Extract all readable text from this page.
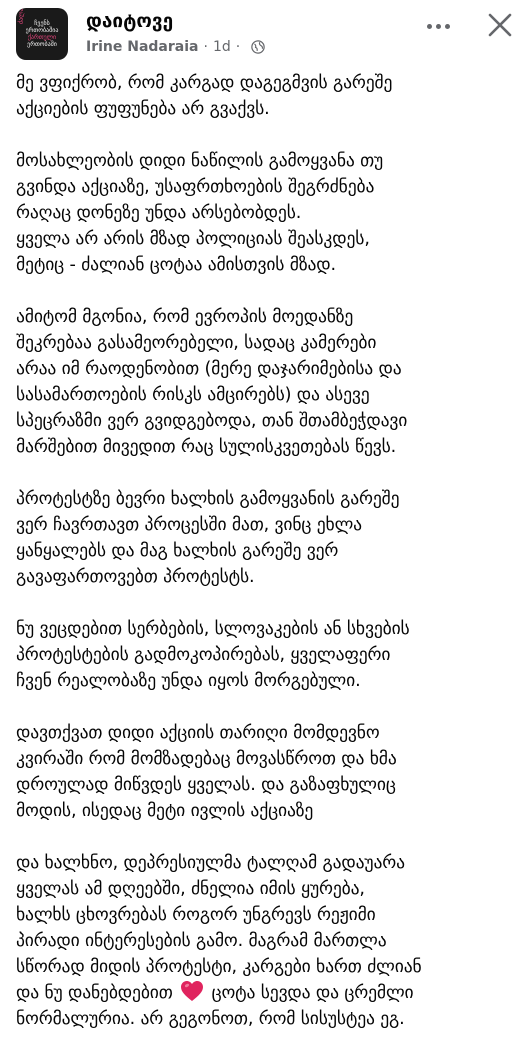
ძალა ჩვენს
ერთობაშია
ქართული
ერთობაში
დაიტოვე
Irine Nadaraia · 1d ·
მე ვფიქრობ, რომ კარგად დაგეგმვის გარეშე
აქციების ფუფუნება არ გვაქვს.
მოსახლეობის დიდი ნაწილის გამოყვანა თუ
გვინდა აქციაზე, უსაფრთხოების შეგრძნება
რაღაც დონეზე უნდა არსებობდეს.
ყველა არ არის მზად პოლიციას შეასკდეს,
მეტიც - ძალიან ცოტაა ამისთვის მზად.
ამიტომ მგონია, რომ ევროპის მოედანზე
შეკრებაა გასამეორებელი, სადაც კამერები
არაა იმ რაოდენობით (მერე დაჯარიმებისა და
სასამართოების რისკს ამცირებს) და ასევე
სპეცრაზმი ვერ გვიდგებოდა, თან შთამბეჭდავი
მარშებით მივედით რაც სულისკვეთებას წევს.
პროტესტზე ბევრი ხალხის გამოყვანის გარეშე
ვერ ჩავრთავთ პროცესში მათ, ვინც ეხლა
ყანყალებს და მაგ ხალხის გარეშე ვერ
გავაფართოვებთ პროტესტს.
ნუ ვეცდებით სერბების, სლოვაკების ან სხვების
პროტესტების გადმოკოპირებას, ყველაფერი
ჩვენ რეალობაზე უნდა იყოს მორგებული.
დავთქვათ დიდი აქციის თარიღი მომდევნო
კვირაში რომ მომზადებაც მოვასწროთ და ხმა
დროულად მიწვდეს ყველას. და გაზაფხულიც
მოდის, ისედაც მეტი ივლის აქციაზე
და ხალხნო, დეპრესიულმა ტალღამ გადაუარა
ყველას ამ დღეებში, ძნელია იმის ყურება,
ხალხს ცხოვრებას როგორ უნგრევს რეჟიმი
პირადი ინტერესების გამო. მაგრამ მართლა
სწორად მიდის პროტესტი, კარგები ხართ ძლიან
და ნუ დანებდებით  ცოტა სევდა და ცრემლი
ნორმალურია. არ გეგონოთ, რომ სისუსტეა ეგ.
